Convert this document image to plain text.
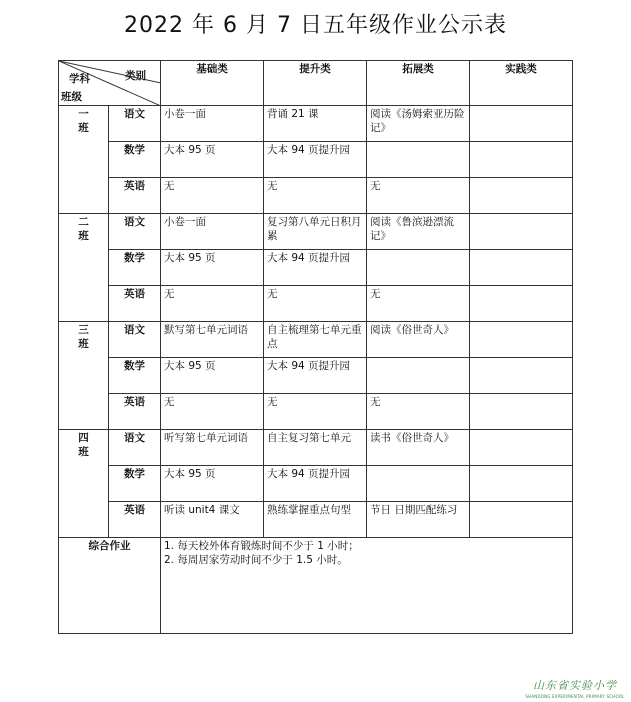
2022 年 6 月 7 日五年级作业公示表
类别
学科
班级		基础类	提升类	拓展类	实践类

一
班	语文	小卷一面	背诵 21 课	阅读《汤姆索亚历险记》	
	数学	大本 95 页	大本 94 页提升园		
	英语	无	无	无	

二
班	语文	小卷一面	复习第八单元日积月累	阅读《鲁滨逊漂流记》	
	数学	大本 95 页	大本 94 页提升园		
	英语	无	无	无	

三
班	语文	默写第七单元词语	自主梳理第七单元重点	阅读《俗世奇人》	
	数学	大本 95 页	大本 94 页提升园		
	英语	无	无	无	

四
班	语文	听写第七单元词语	自主复习第七单元	读书《俗世奇人》	
	数学	大本 95 页	大本 94 页提升园		
	英语	听读 unit4 课文	熟练掌握重点句型	节日 日期匹配练习	
综合作业		1. 每天校外体育锻炼时间不少于 1 小时；
2. 每周居家劳动时间不少于 1.5 小时。			
山东省实验小学
SHANDONG EXPERIMENTAL PRIMARY SCHOOL
